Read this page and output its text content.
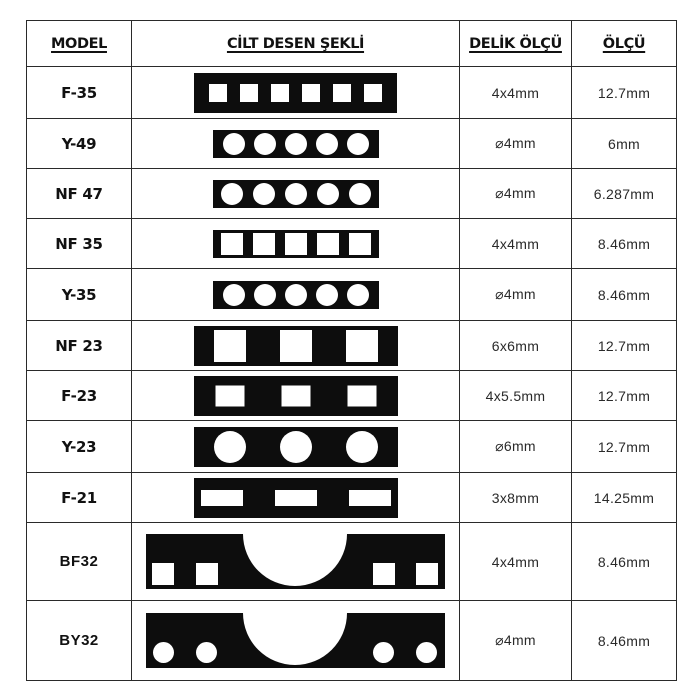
MODEL	CİLT DESEN ŞEKLİ	DELİK ÖLÇÜ	ÖLÇÜ
F-35		4x4mm	12.7mm
Y-49		⌀4mm	6mm
NF 47		⌀4mm	6.287mm
NF 35		4x4mm	8.46mm
Y-35		⌀4mm	8.46mm
NF 23		6x6mm	12.7mm
F-23		4x5.5mm	12.7mm
Y-23		⌀6mm	12.7mm
F-21		3x8mm	14.25mm
BF32		4x4mm	8.46mm
BY32		⌀4mm	8.46mm
